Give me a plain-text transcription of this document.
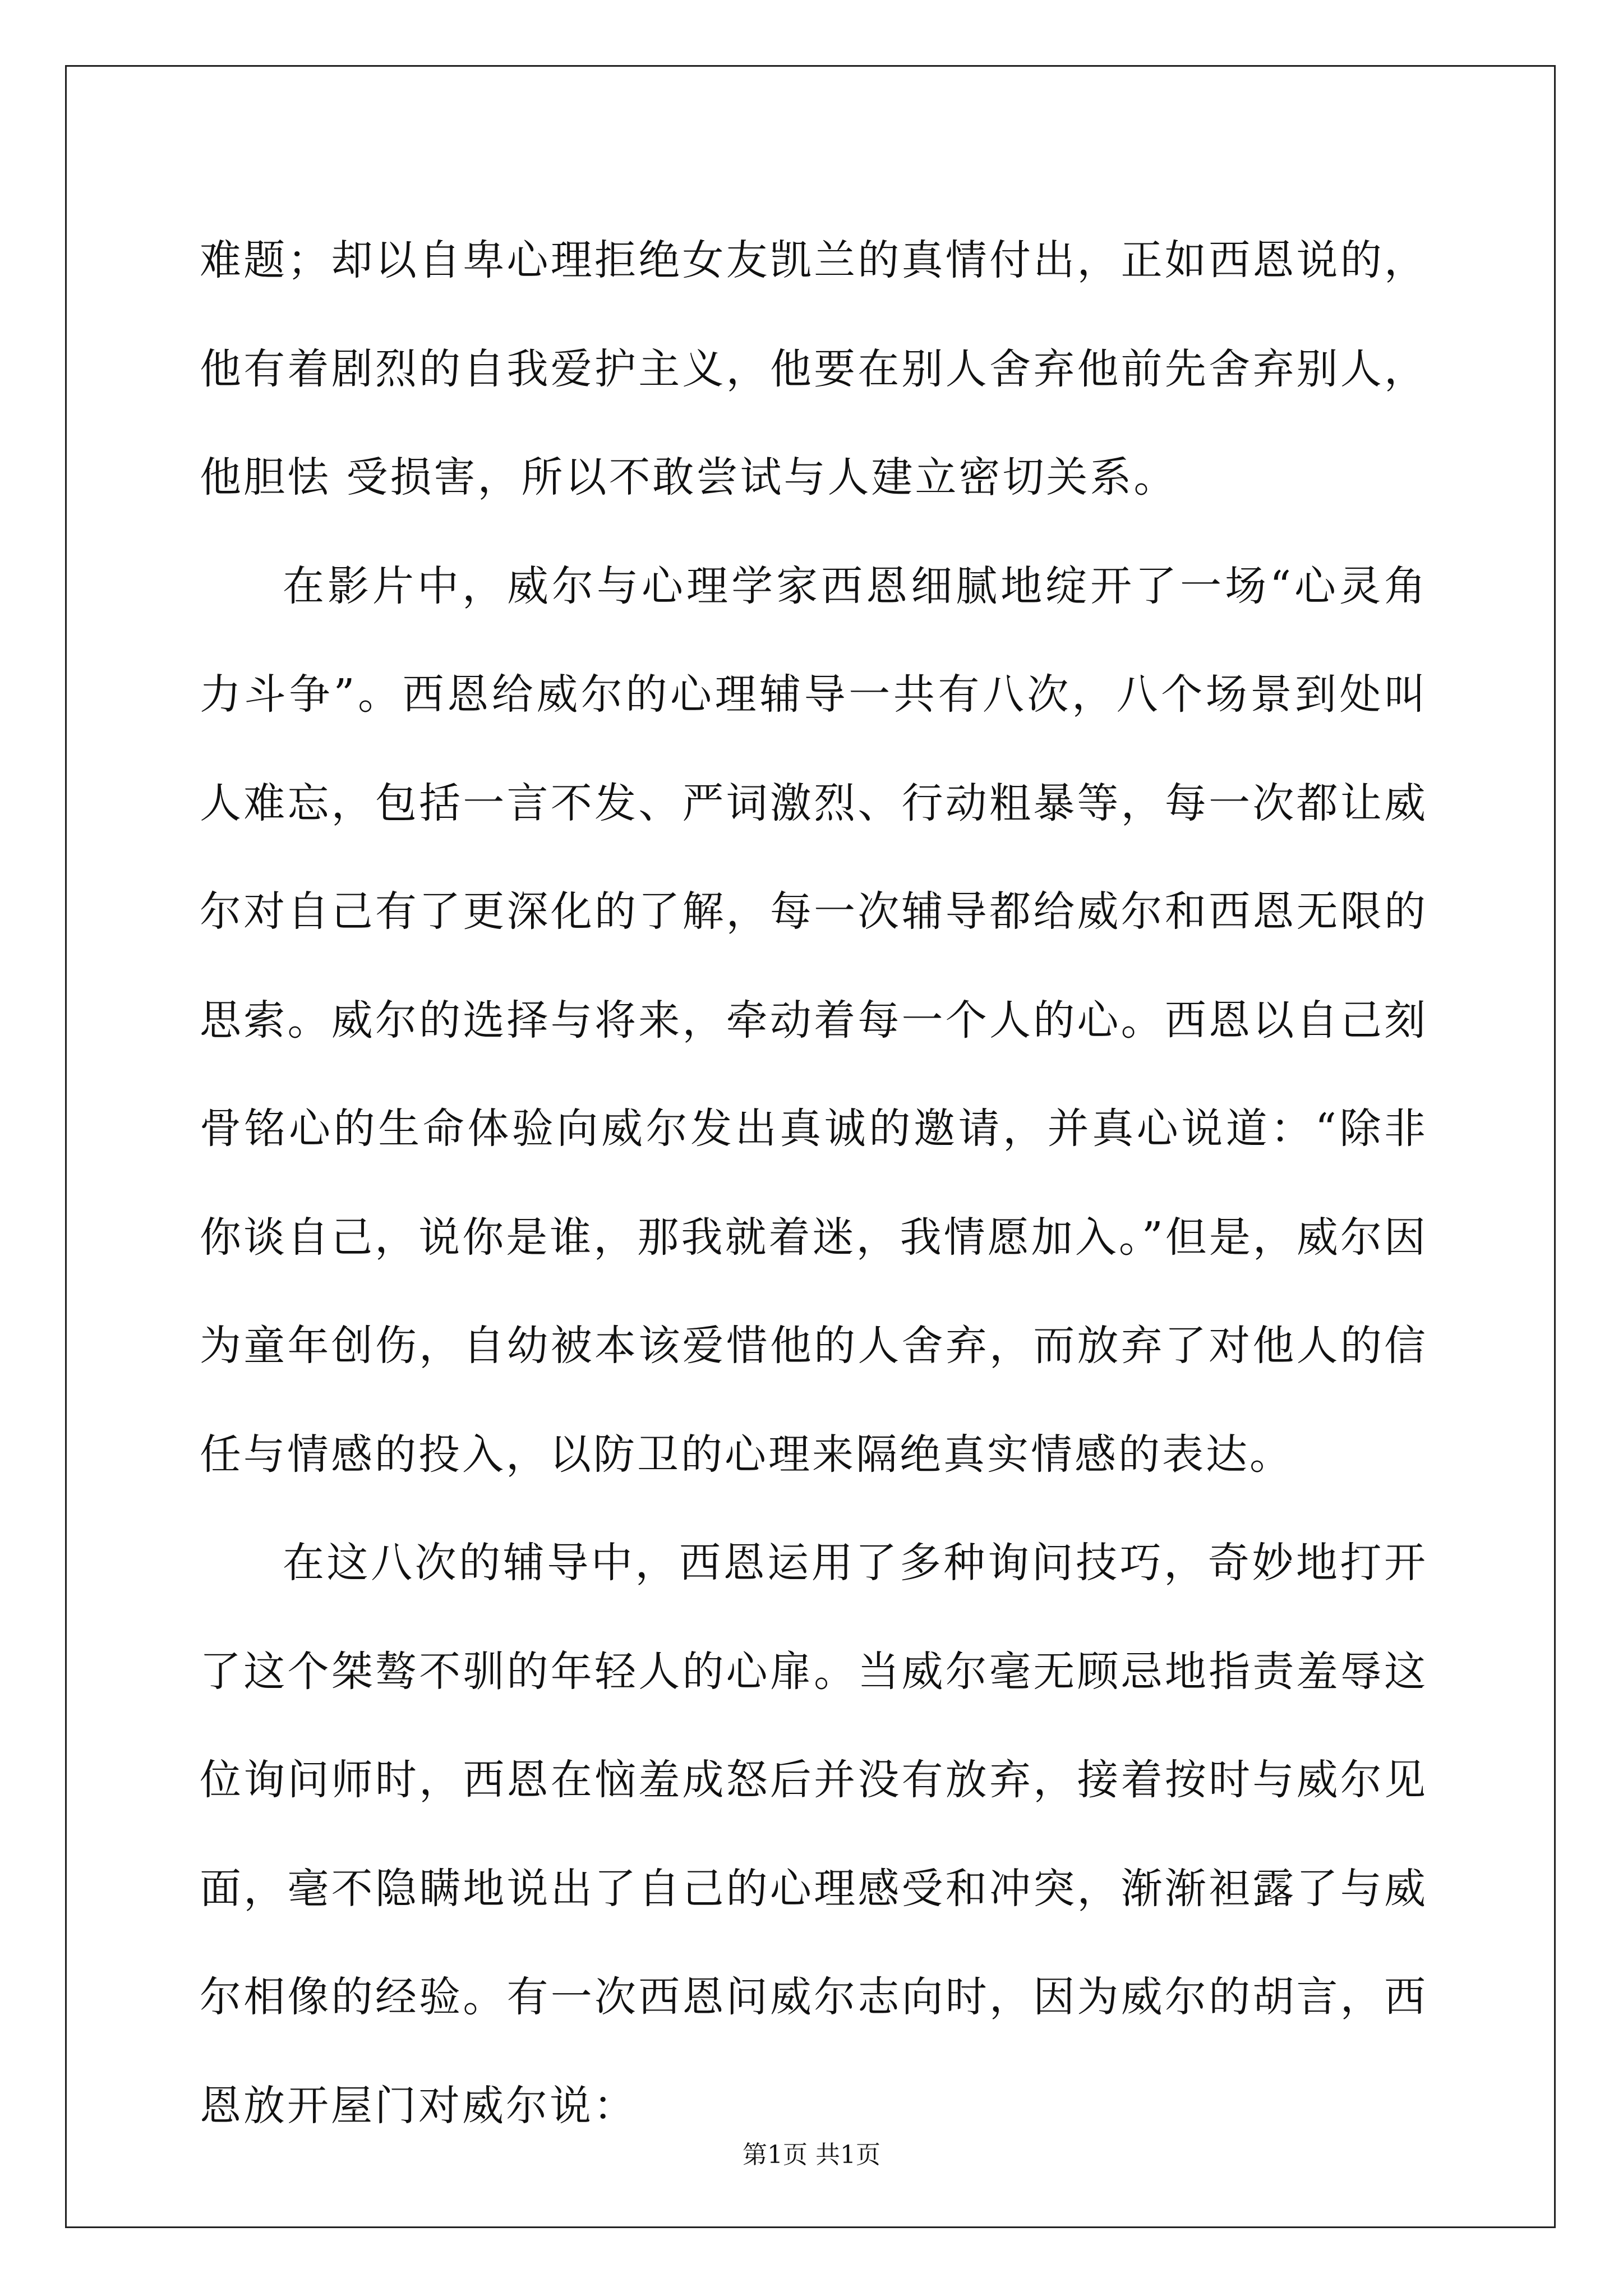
难题；却以自卑心理拒绝女友凯兰的真情付出，正如西恩说的，他有着剧烈的自我爱护主义，他要在别人舍弃他前先舍弃别人，他胆怯 受损害，所以不敢尝试与人建立密切关系。

在影片中，威尔与心理学家西恩细腻地绽开了一场“心灵角力斗争”。西恩给威尔的心理辅导一共有八次，八个场景到处叫人难忘，包括一言不发、严词激烈、行动粗暴等，每一次都让威尔对自己有了更深化的了解，每一次辅导都给威尔和西恩无限的思索。威尔的选择与将来，牵动着每一个人的心。西恩以自己刻骨铭心的生命体验向威尔发出真诚的邀请，并真心说道：“除非你谈自己，说你是谁，那我就着迷，我情愿加入。”但是，威尔因为童年创伤，自幼被本该爱惜他的人舍弃，而放弃了对他人的信任与情感的投入，以防卫的心理来隔绝真实情感的表达。

在这八次的辅导中，西恩运用了多种询问技巧，奇妙地打开了这个桀骜不驯的年轻人的心扉。当威尔毫无顾忌地指责羞辱这位询问师时，西恩在恼羞成怒后并没有放弃，接着按时与威尔见面，毫不隐瞒地说出了自己的心理感受和冲突，渐渐袒露了与威尔相像的经验。有一次西恩问威尔志向时，因为威尔的胡言，西恩放开屋门对威尔说：

第1页 共1页
